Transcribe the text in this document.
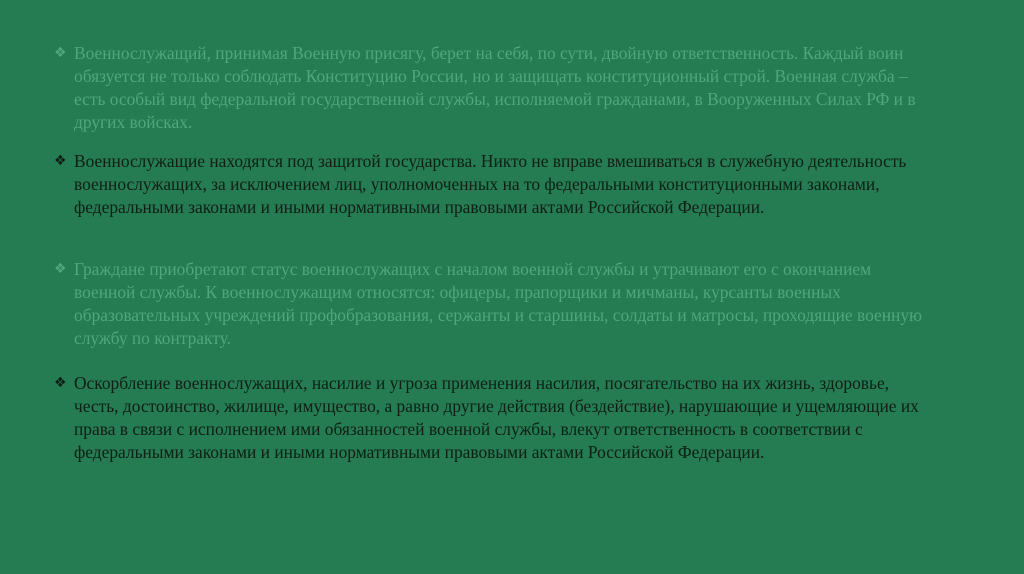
❖ Военнослужащий, принимая Военную присягу, берет на себя, по сути, двойную ответственность. Каждый воин обязуется не только соблюдать Конституцию России, но и защищать конституционный строй. Военная служба – есть особый вид федеральной государственной службы, исполняемой гражданами, в Вооруженных Силах РФ и в других войсках.

❖ Военнослужащие находятся под защитой государства. Никто не вправе вмешиваться в служебную деятельность военнослужащих, за исключением лиц, уполномоченных на то федеральными конституционными законами, федеральными законами и иными нормативными правовыми актами Российской Федерации.

❖ Граждане приобретают статус военнослужащих с началом военной службы и утрачивают его с окончанием военной службы. К военнослужащим относятся: офицеры, прапорщики и мичманы, курсанты военных образовательных учреждений профобразования, сержанты и старшины, солдаты и матросы, проходящие военную службу по контракту.

❖ Оскорбление военнослужащих, насилие и угроза применения насилия, посягательство на их жизнь, здоровье, честь, достоинство, жилище, имущество, а равно другие действия (бездействие), нарушающие и ущемляющие их права в связи с исполнением ими обязанностей военной службы, влекут ответственность в соответствии с федеральными законами и иными нормативными правовыми актами Российской Федерации.
